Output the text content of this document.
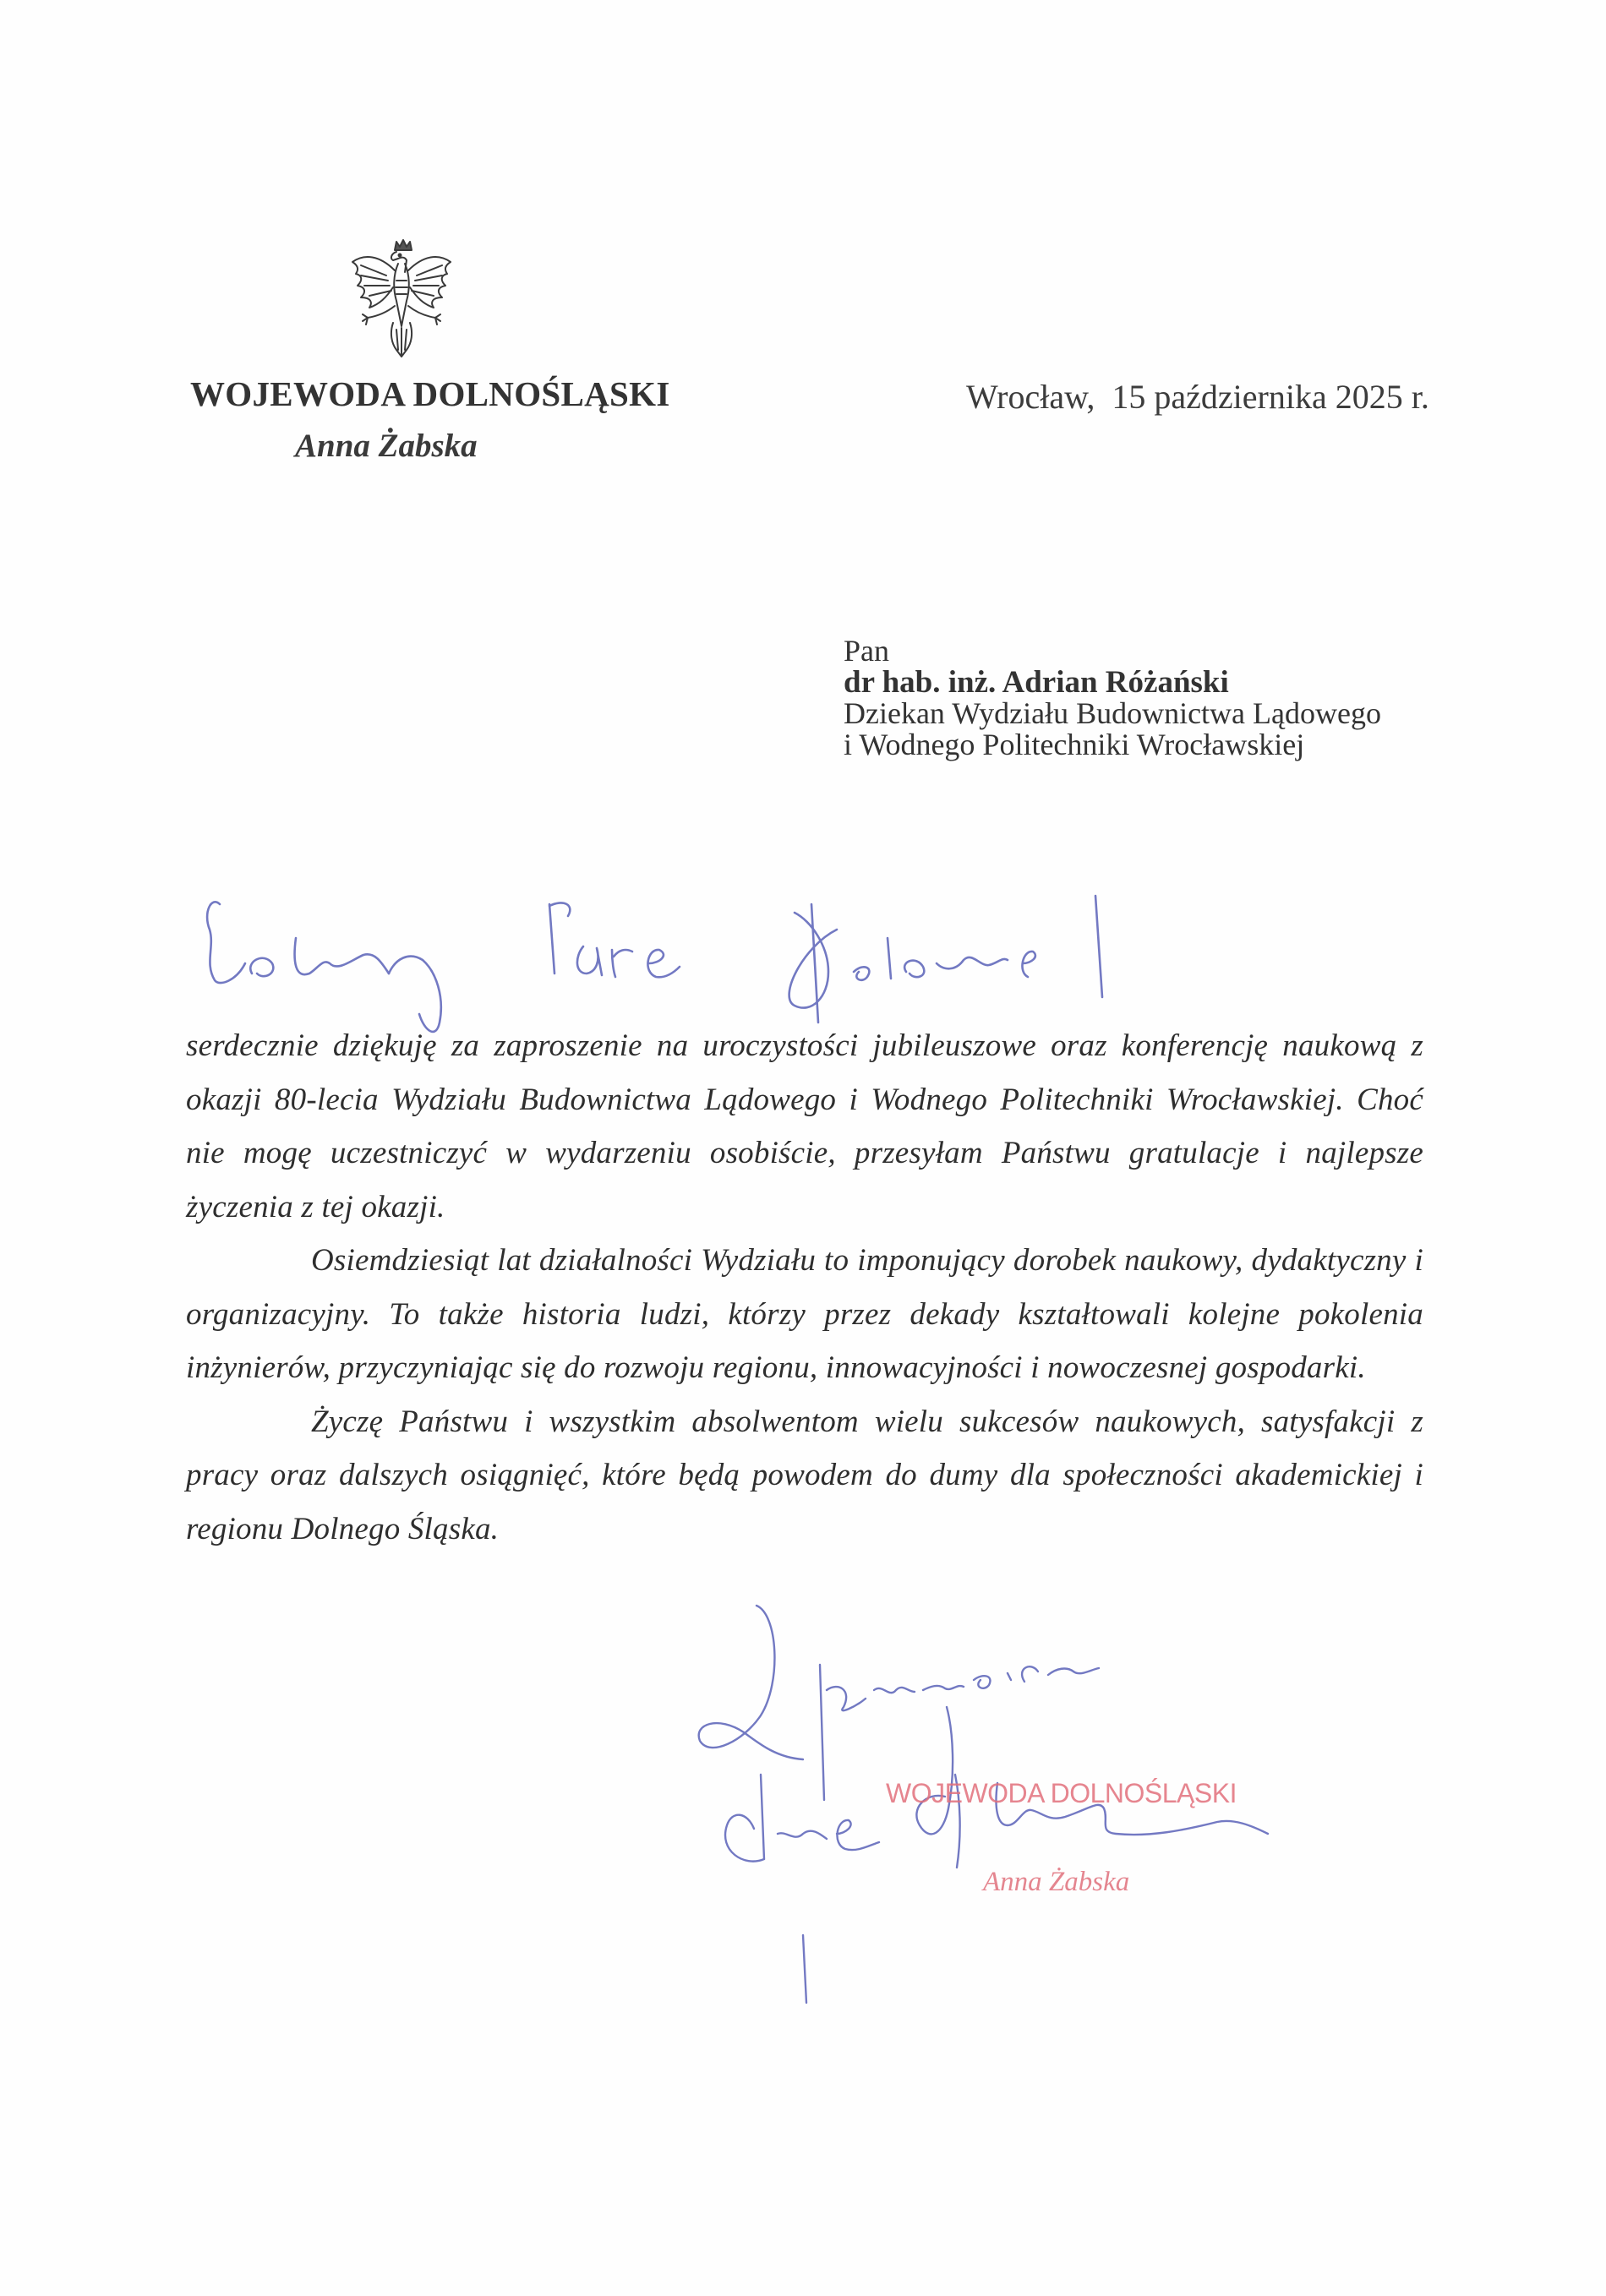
WOJEWODA DOLNOŚLĄSKI
Anna Żabska
Wrocław,  15 października 2025 r.
Pan
dr hab. inż. Adrian Różański
Dziekan Wydziału Budownictwa Lądowego
i Wodnego Politechniki Wrocławskiej

serdecznie dziękuję za zaproszenie na uroczystości jubileuszowe oraz konferencję naukową z okazji 80-lecia Wydziału Budownictwa Lądowego i Wodnego Politechniki Wrocławskiej. Choć nie mogę uczestniczyć w wydarzeniu osobiście, przesyłam Państwu gratulacje i najlepsze życzenia z tej okazji.

Osiemdziesiąt lat działalności Wydziału to imponujący dorobek naukowy, dydaktyczny i organizacyjny. To także historia ludzi, którzy przez dekady kształtowali kolejne pokolenia inżynierów, przyczyniając się do rozwoju regionu, innowacyjności i nowoczesnej gospodarki.

Życzę Państwu i wszystkim absolwentom wielu sukcesów naukowych, satysfakcji z pracy oraz dalszych osiągnięć, które będą powodem do dumy dla społeczności akademickiej i regionu Dolnego Śląska.

WOJEWODA DOLNOŚLĄSKI
Anna Żabska
